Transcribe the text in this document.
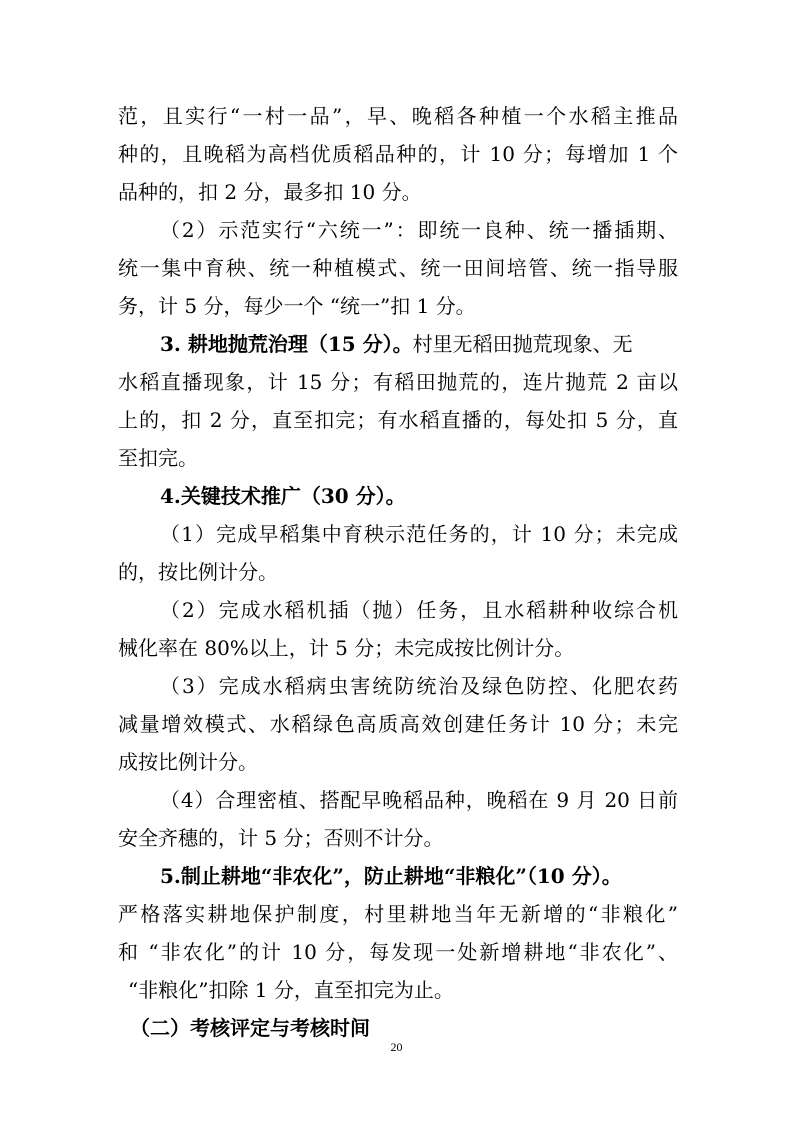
范，且实行“一村一品”，早、晚稻各种植一个水稻主推品
种的，且晚稻为高档优质稻品种的，计 10 分；每增加 1 个
品种的，扣 2 分，最多扣 10 分。
（2）示范实行“六统一”：即统一良种、统一播插期、
统一集中育秧、统一种植模式、统一田间培管、统一指导服
务，计 5 分，每少一个 “统一”扣 1 分。
3. 耕地抛荒治理（15 分）。村里无稻田抛荒现象、无
水稻直播现象，计 15 分；有稻田抛荒的，连片抛荒 2 亩以
上的，扣 2 分，直至扣完；有水稻直播的，每处扣 5 分，直
至扣完。
4.关键技术推广（30 分）。
（1）完成早稻集中育秧示范任务的，计 10 分；未完成
的，按比例计分。
（2）完成水稻机插（抛）任务，且水稻耕种收综合机
械化率在 80%以上，计 5 分；未完成按比例计分。
（3）完成水稻病虫害统防统治及绿色防控、化肥农药
减量增效模式、水稻绿色高质高效创建任务计 10 分；未完
成按比例计分。
（4）合理密植、搭配早晚稻品种，晚稻在 9 月 20 日前
安全齐穗的，计 5 分；否则不计分。
5.制止耕地“非农化”，防止耕地“非粮化”（10 分）。
严格落实耕地保护制度，村里耕地当年无新增的“非粮化”
和 “非农化”的计 10 分，每发现一处新增耕地“非农化”、
“非粮化”扣除 1 分，直至扣完为止。
（二）考核评定与考核时间
20
